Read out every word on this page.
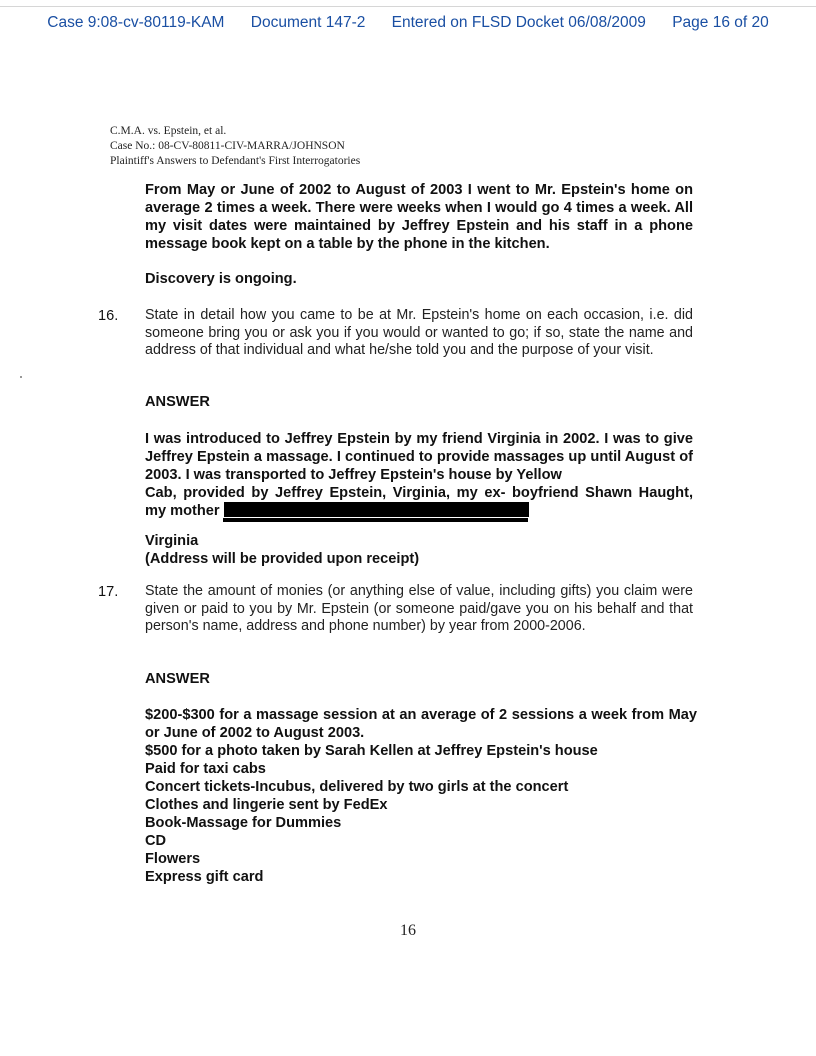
Case 9:08-cv-80119-KAM Document 147-2 Entered on FLSD Docket 06/08/2009 Page 16 of 20
C.M.A. vs. Epstein, et al.
Case No.: 08-CV-80811-CIV-MARRA/JOHNSON
Plaintiff's Answers to Defendant's First Interrogatories
From May or June of 2002 to August of 2003 I went to Mr. Epstein's home on average 2 times a week. There were weeks when I would go 4 times a week. All my visit dates were maintained by Jeffrey Epstein and his staff in a phone message book kept on a table by the phone in the kitchen.
Discovery is ongoing.
16. State in detail how you came to be at Mr. Epstein's home on each occasion, i.e. did someone bring you or ask you if you would or wanted to go; if so, state the name and address of that individual and what he/she told you and the purpose of your visit.
ANSWER
I was introduced to Jeffrey Epstein by my friend Virginia in 2002. I was to give Jeffrey Epstein a massage. I continued to provide massages up until August of 2003. I was transported to Jeffrey Epstein's house by Yellow
Cab, provided by Jeffrey Epstein, Virginia, my ex- boyfriend Shawn Haught,
my mother
Virginia
(Address will be provided upon receipt)
17. State the amount of monies (or anything else of value, including gifts) you claim were given or paid to you by Mr. Epstein (or someone paid/gave you on his behalf and that person's name, address and phone number) by year from 2000-2006.
ANSWER
$200-$300 for a massage session at an average of 2 sessions a week from May or June of 2002 to August 2003.
$500 for a photo taken by Sarah Kellen at Jeffrey Epstein's house
Paid for taxi cabs
Concert tickets-Incubus, delivered by two girls at the concert
Clothes and lingerie sent by FedEx
Book-Massage for Dummies
CD
Flowers
Express gift card
16
